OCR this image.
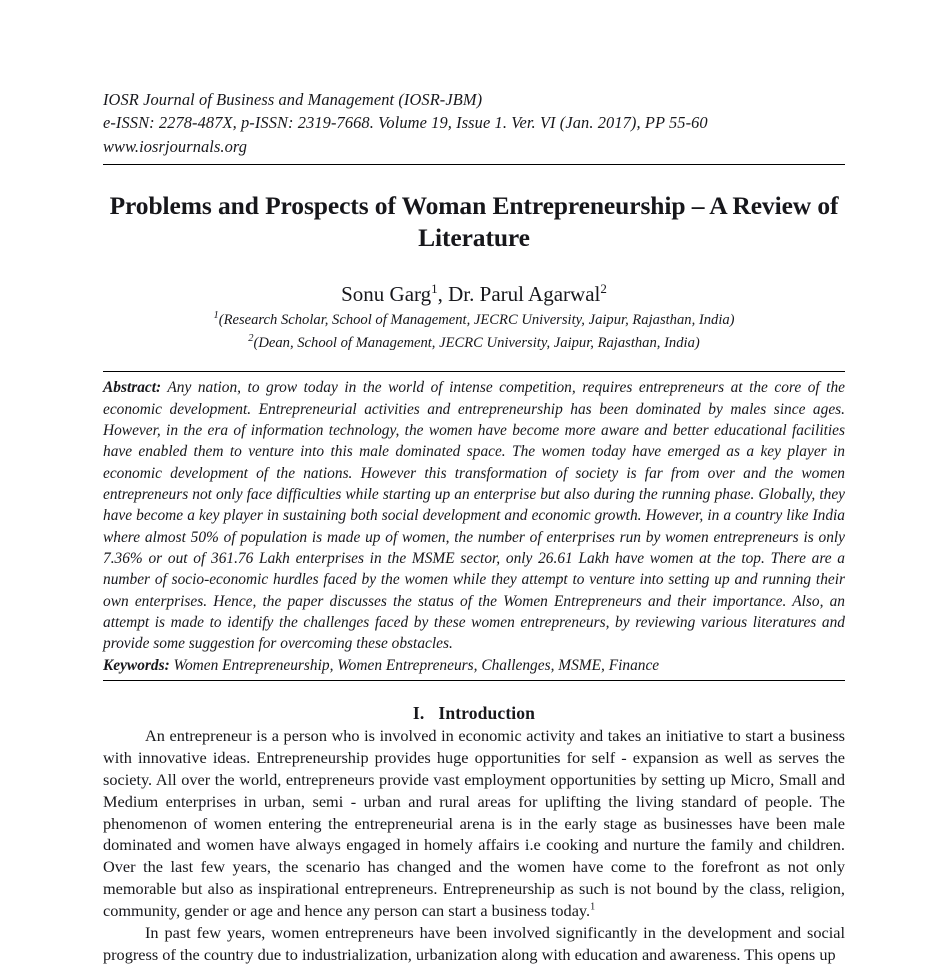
IOSR Journal of Business and Management (IOSR-JBM)
e-ISSN: 2278-487X, p-ISSN: 2319-7668. Volume 19, Issue 1. Ver. VI (Jan. 2017), PP 55-60
www.iosrjournals.org
Problems and Prospects of Woman Entrepreneurship – A Review of Literature
Sonu Garg$^1$, Dr. Parul Agarwal$^2$
$^1$(Research Scholar, School of Management, JECRC University, Jaipur, Rajasthan, India)
$^2$(Dean, School of Management, JECRC University, Jaipur, Rajasthan, India)

Abstract: Any nation, to grow today in the world of intense competition, requires entrepreneurs at the core of the economic development. Entrepreneurial activities and entrepreneurship has been dominated by males since ages. However, in the era of information technology, the women have become more aware and better educational facilities have enabled them to venture into this male dominated space. The women today have emerged as a key player in economic development of the nations. However this transformation of society is far from over and the women entrepreneurs not only face difficulties while starting up an enterprise but also during the running phase. Globally, they have become a key player in sustaining both social development and economic growth. However, in a country like India where almost 50% of population is made up of women, the number of enterprises run by women entrepreneurs is only 7.36% or out of 361.76 Lakh enterprises in the MSME sector, only 26.61 Lakh have women at the top. There are a number of socio-economic hurdles faced by the women while they attempt to venture into setting up and running their own enterprises. Hence, the paper discusses the status of the Women Entrepreneurs and their importance. Also, an attempt is made to identify the challenges faced by these women entrepreneurs, by reviewing various literatures and provide some suggestion for overcoming these obstacles.

Keywords: Women Entrepreneurship, Women Entrepreneurs, Challenges, MSME, Finance

I. Introduction

An entrepreneur is a person who is involved in economic activity and takes an initiative to start a business with innovative ideas. Entrepreneurship provides huge opportunities for self - expansion as well as serves the society. All over the world, entrepreneurs provide vast employment opportunities by setting up Micro, Small and Medium enterprises in urban, semi - urban and rural areas for uplifting the living standard of people. The phenomenon of women entering the entrepreneurial arena is in the early stage as businesses have been male dominated and women have always engaged in homely affairs i.e cooking and nurture the family and children. Over the last few years, the scenario has changed and the women have come to the forefront as not only memorable but also as inspirational entrepreneurs. Entrepreneurship as such is not bound by the class, religion, community, gender or age and hence any person can start a business today.$^1$

In past few years, women entrepreneurs have been involved significantly in the development and social progress of the country due to industrialization, urbanization along with education and awareness. This opens up
